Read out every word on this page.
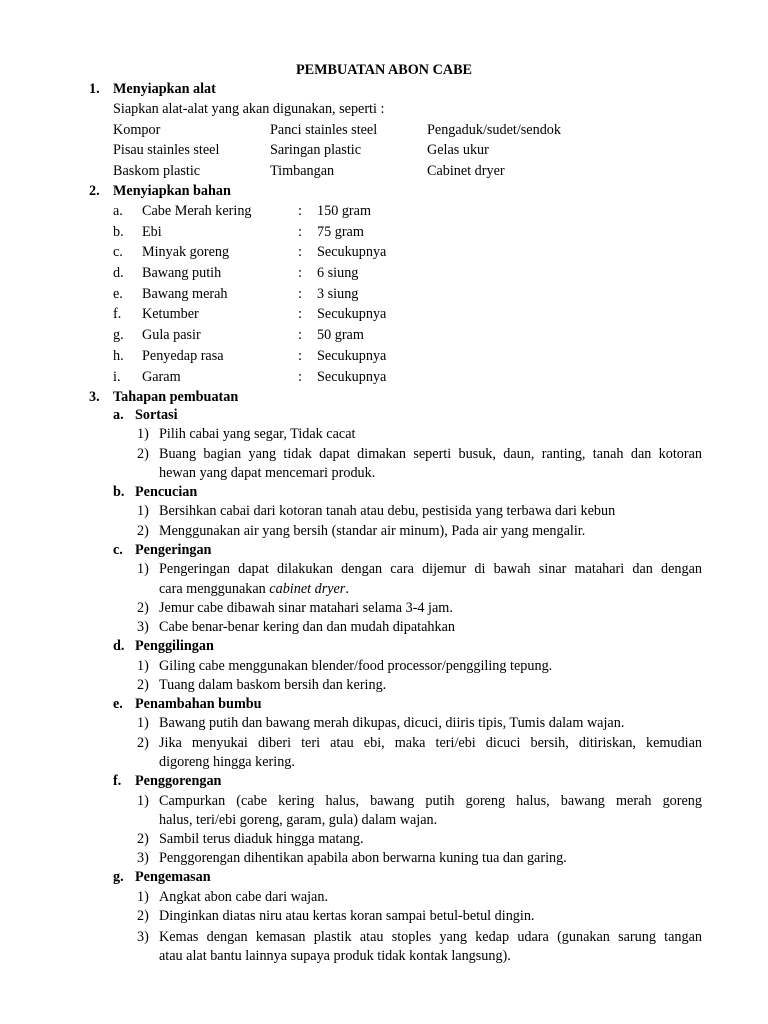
PEMBUATAN ABON CABE
1. Menyiapkan alat
Siapkan alat-alat yang akan digunakan, seperti :
Kompor	Panci stainles steel	Pengaduk/sudet/sendok
Pisau stainles steel	Saringan plastic	Gelas ukur
Baskom plastic	Timbangan	Cabinet dryer
2. Menyiapkan bahan
a. Cabe Merah kering	: 150 gram
b. Ebi	: 75 gram
c. Minyak goreng	: Secukupnya
d. Bawang putih	: 6 siung
e. Bawang merah	: 3 siung
f. Ketumber	: Secukupnya
g. Gula pasir	: 50 gram
h. Penyedap rasa	: Secukupnya
i. Garam	: Secukupnya
3. Tahapan pembuatan
a. Sortasi
1) Pilih cabai yang segar, Tidak cacat
2) Buang bagian yang tidak dapat dimakan seperti busuk, daun, ranting, tanah dan kotoran
hewan yang dapat mencemari produk.
b. Pencucian
1) Bersihkan cabai dari kotoran tanah atau debu, pestisida yang terbawa dari kebun
2) Menggunakan air yang bersih (standar air minum), Pada air yang mengalir.
c. Pengeringan
1) Pengeringan dapat dilakukan dengan cara dijemur di bawah sinar matahari dan dengan
cara menggunakan cabinet dryer.
2) Jemur cabe dibawah sinar matahari selama 3-4 jam.
3) Cabe benar-benar kering dan dan mudah dipatahkan
d. Penggilingan
1) Giling cabe menggunakan blender/food processor/penggiling tepung.
2) Tuang dalam baskom bersih dan kering.
e. Penambahan bumbu
1) Bawang putih dan bawang merah dikupas, dicuci, diiris tipis, Tumis dalam wajan.
2) Jika menyukai diberi teri atau ebi, maka teri/ebi dicuci bersih, ditiriskan, kemudian
digoreng hingga kering.
f. Penggorengan
1) Campurkan (cabe kering halus, bawang putih goreng halus, bawang merah goreng
halus, teri/ebi goreng, garam, gula) dalam wajan.
2) Sambil terus diaduk hingga matang.
3) Penggorengan dihentikan apabila abon berwarna kuning tua dan garing.
g. Pengemasan
1) Angkat abon cabe dari wajan.
2) Dinginkan diatas niru atau kertas koran sampai betul-betul dingin.
3) Kemas dengan kemasan plastik atau stoples yang kedap udara (gunakan sarung tangan
atau alat bantu lainnya supaya produk tidak kontak langsung).
